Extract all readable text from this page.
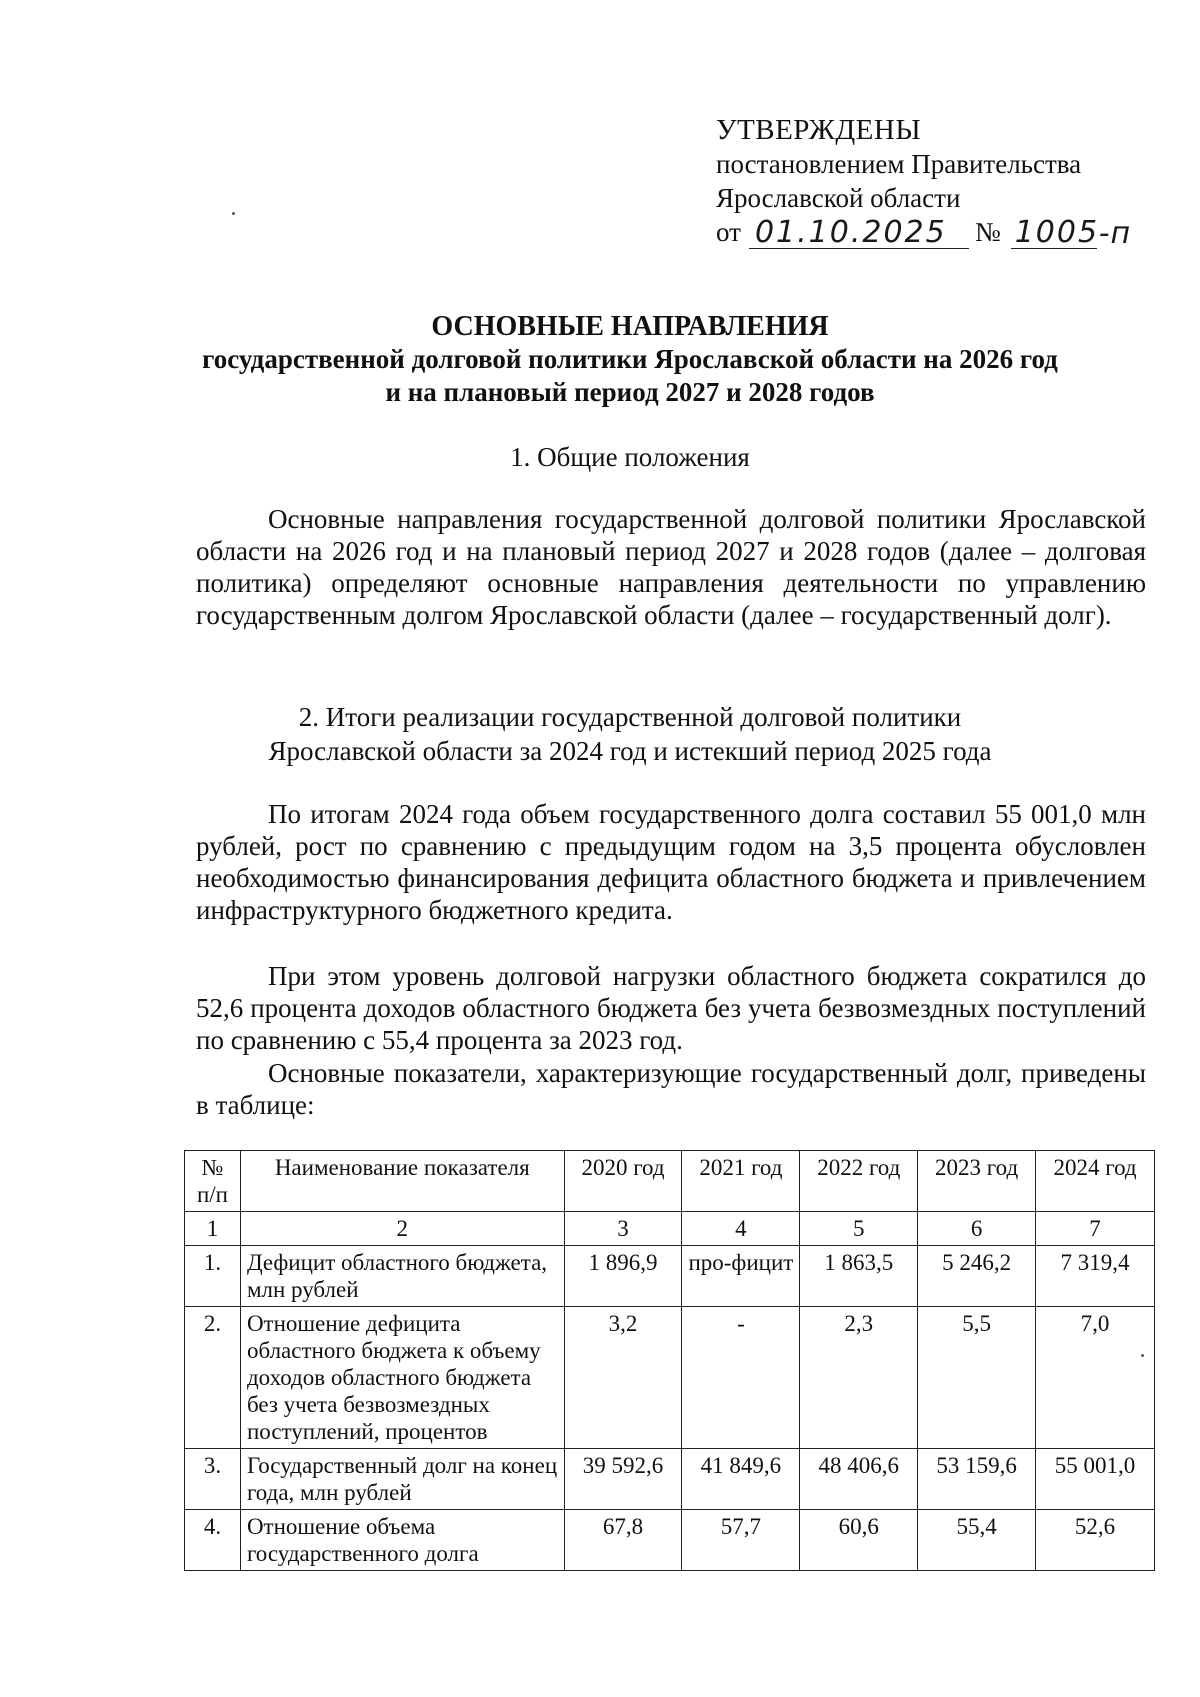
УТВЕРЖДЕНЫ
постановлением Правительства
Ярославской области
от 01.10.2025	№ 1005 -п
ОСНОВНЫЕ НАПРАВЛЕНИЯ
государственной долговой политики Ярославской области на 2026 год
и на плановый период 2027 и 2028 годов
1. Общие положения
Основные направления государственной долговой политики Ярославской области на 2026 год и на плановый период 2027 и 2028 годов (далее – долговая политика) определяют основные направления деятельности по управлению государственным долгом Ярославской области (далее – государственный долг).
2. Итоги реализации государственной долговой политики
Ярославской области за 2024 год и истекший период 2025 года
По итогам 2024 года объем государственного долга составил 55 001,0 млн рублей, рост по сравнению с предыдущим годом на 3,5 процента обусловлен необходимостью финансирования дефицита областного бюджета и привлечением инфраструктурного бюджетного кредита.
При этом уровень долговой нагрузки областного бюджета сократился до 52,6 процента доходов областного бюджета без учета безвозмездных поступлений по сравнению с 55,4 процента за 2023 год.
Основные показатели, характеризующие государственный долг, приведены в таблице:
№ п/п	Наименование показателя	2020 год	2021 год	2022 год	2023 год	2024 год
1	2	3	4	5	6	7
1.	Дефицит областного бюджета, млн рублей	1 896,9	про-фицит	1 863,5	5 246,2	7 319,4
2.	Отношение дефицита областного бюджета к объему доходов областного бюджета без учета безвозмездных поступлений, процентов	3,2	-	2,3	5,5	7,0
3.	Государственный долг на конец года, млн рублей	39 592,6	41 849,6	48 406,6	53 159,6	55 001,0
4.	Отношение объема государственного долга	67,8	57,7	60,6	55,4	52,6
